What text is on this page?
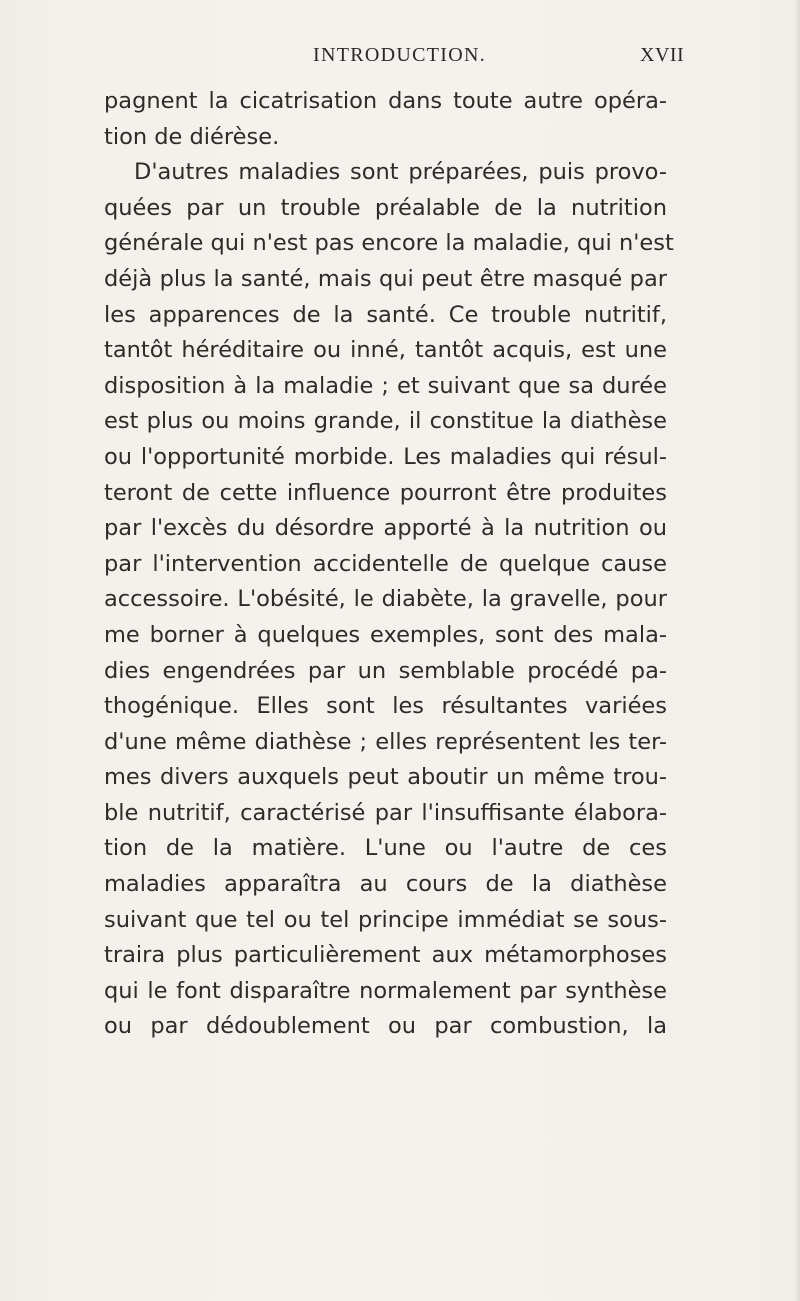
INTRODUCTION.	XVII
pagnent la cicatrisation dans toute autre opéra-
tion de diérèse.
D'autres maladies sont préparées, puis provo-
quées par un trouble préalable de la nutrition
générale qui n'est pas encore la maladie, qui n'est
déjà plus la santé, mais qui peut être masqué par
les apparences de la santé. Ce trouble nutritif,
tantôt héréditaire ou inné, tantôt acquis, est une
disposition à la maladie ; et suivant que sa durée
est plus ou moins grande, il constitue la diathèse
ou l'opportunité morbide. Les maladies qui résul-
teront de cette influence pourront être produites
par l'excès du désordre apporté à la nutrition ou
par l'intervention accidentelle de quelque cause
accessoire. L'obésité, le diabète, la gravelle, pour
me borner à quelques exemples, sont des mala-
dies engendrées par un semblable procédé pa-
thogénique. Elles sont les résultantes variées
d'une même diathèse ; elles représentent les ter-
mes divers auxquels peut aboutir un même trou-
ble nutritif, caractérisé par l'insuffisante élabora-
tion de la matière. L'une ou l'autre de ces
maladies apparaîtra au cours de la diathèse
suivant que tel ou tel principe immédiat se sous-
traira plus particulièrement aux métamorphoses
qui le font disparaître normalement par synthèse
ou par dédoublement ou par combustion, la
